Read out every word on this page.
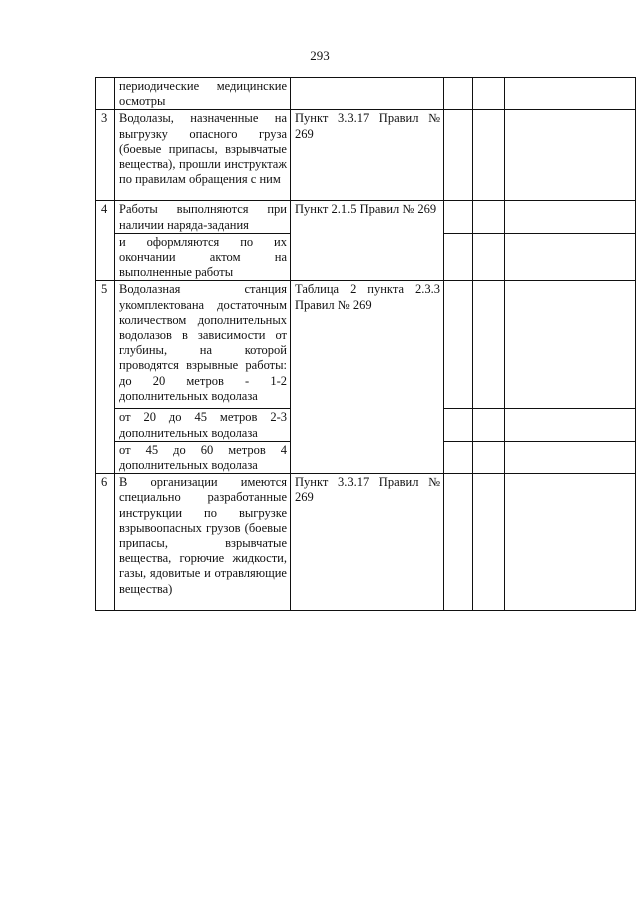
293
	периодические медицинские осмотры				
3	Водолазы, назначенные на выгрузку опасного груза (боевые припасы, взрывчатые вещества), прошли инструктаж по правилам обращения с ним	Пункт 3.3.17 Правил № 269			
4	Работы выполняются при наличии наряда-задания	Пункт 2.1.5 Правил № 269			
	и оформляются по их окончании актом на выполненные работы				
5	Водолазная станция укомплектована достаточным количеством дополнительных водолазов в зависимости от глубины, на которой проводятся взрывные работы: до 20 метров - 1-2 дополнительных водолаза	Таблица 2 пункта 2.3.3 Правил № 269			
	от 20 до 45 метров 2-3 дополнительных водолаза				
	от 45 до 60 метров 4 дополнительных водолаза				
6	В организации имеются специально разработанные инструкции по выгрузке взрывоопасных грузов (боевые припасы, взрывчатые вещества, горючие жидкости, газы, ядовитые и отравляющие вещества)	Пункт 3.3.17 Правил № 269			
